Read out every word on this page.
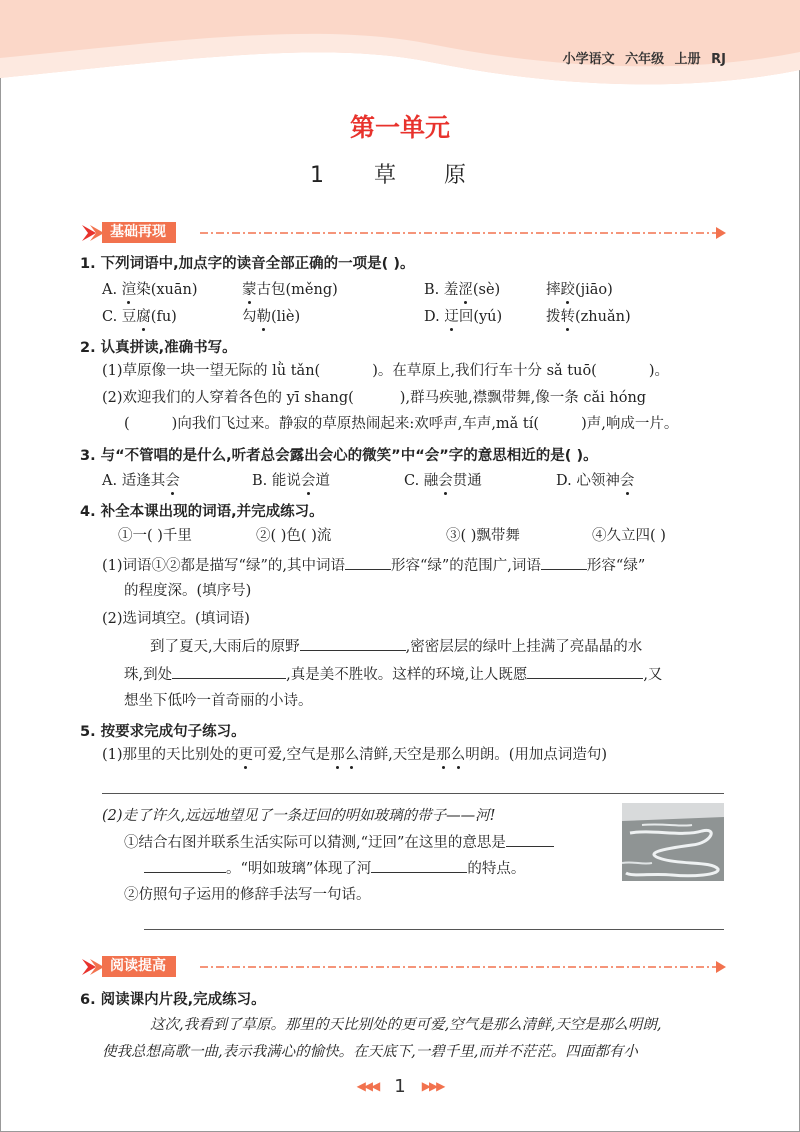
小学语文 六年级 上册 RJ
第一单元
1 草 原
基础再现
1. 下列词语中,加点字的读音全部正确的一项是( )。
A. 渲染(xuān)	蒙古包(měng)	B. 羞涩(sè)	摔跤(jiāo)
C. 豆腐(fu)	勾勒(liè)	D. 迂回(yú)	拨转(zhuǎn)
2. 认真拼读,准确书写。
(1)草原像一块一望无际的 lǜ tǎn(	)。在草原上,我们行车十分 sǎ tuō(	)。
(2)欢迎我们的人穿着各色的 yī shang(	),群马疾驰,襟飘带舞,像一条 cǎi hóng
(	)向我们飞过来。静寂的草原热闹起来:欢呼声,车声,mǎ tí(	)声,响成一片。
3. 与“不管唱的是什么,听者总会露出会心的微笑”中“会”字的意思相近的是( )。
A. 适逢其会	B. 能说会道	C. 融会贯通	D. 心领神会
4. 补全本课出现的词语,并完成练习。
①一( )千里	②( )色( )流	③( )飘带舞	④久立四( )
(1)词语①②都是描写“绿”的,其中词语	形容“绿”的范围广,词语	形容“绿”
的程度深。(填序号)
(2)选词填空。(填词语)
到了夏天,大雨后的原野	,密密层层的绿叶上挂满了亮晶晶的水
珠,到处	,真是美不胜收。这样的环境,让人既愿	,又
想坐下低吟一首奇丽的小诗。
5. 按要求完成句子练习。
(1)那里的天比别处的更可爱,空气是那么清鲜,天空是那么明朗。(用加点词造句)
(2)走了许久,远远地望见了一条迂回的明如玻璃的带子——河!
①结合右图并联系生活实际可以猜测,“迂回”在这里的意思是
。“明如玻璃”体现了河	的特点。
②仿照句子运用的修辞手法写一句话。
阅读提高
6. 阅读课内片段,完成练习。
这次,我看到了草原。那里的天比别处的更可爱,空气是那么清鲜,天空是那么明朗,
使我总想高歌一曲,表示我满心的愉快。在天底下,一碧千里,而并不茫茫。四面都有小
◀◀◀ 1 ▶▶▶
